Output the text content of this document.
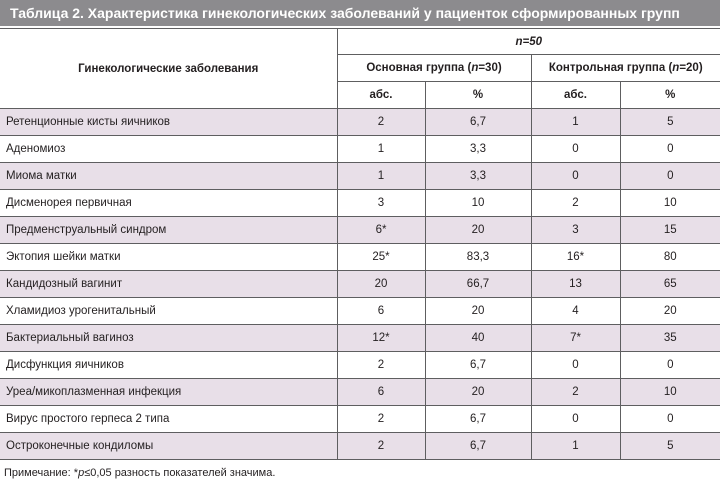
Таблица 2. Характеристика гинекологических заболеваний у пациенток сформированных групп
Гинекологические заболевания	n=50			
	Основная группа (n=30)		Контрольная группа (n=20)	
	абс.	%	абс.	%
Ретенционные кисты яичников	2	6,7	1	5
Аденомиоз	1	3,3	0	0
Миома матки	1	3,3	0	0
Дисменорея первичная	3	10	2	10
Предменструальный синдром	6*	20	3	15
Эктопия шейки матки	25*	83,3	16*	80
Кандидозный вагинит	20	66,7	13	65
Хламидиоз урогенитальный	6	20	4	20
Бактериальный вагиноз	12*	40	7*	35
Дисфункция яичников	2	6,7	0	0
Уреа/микоплазменная инфекция	6	20	2	10
Вирус простого герпеса 2 типа	2	6,7	0	0
Остроконечные кондиломы	2	6,7	1	5
Примечание: *p≤0,05 разность показателей значима.
